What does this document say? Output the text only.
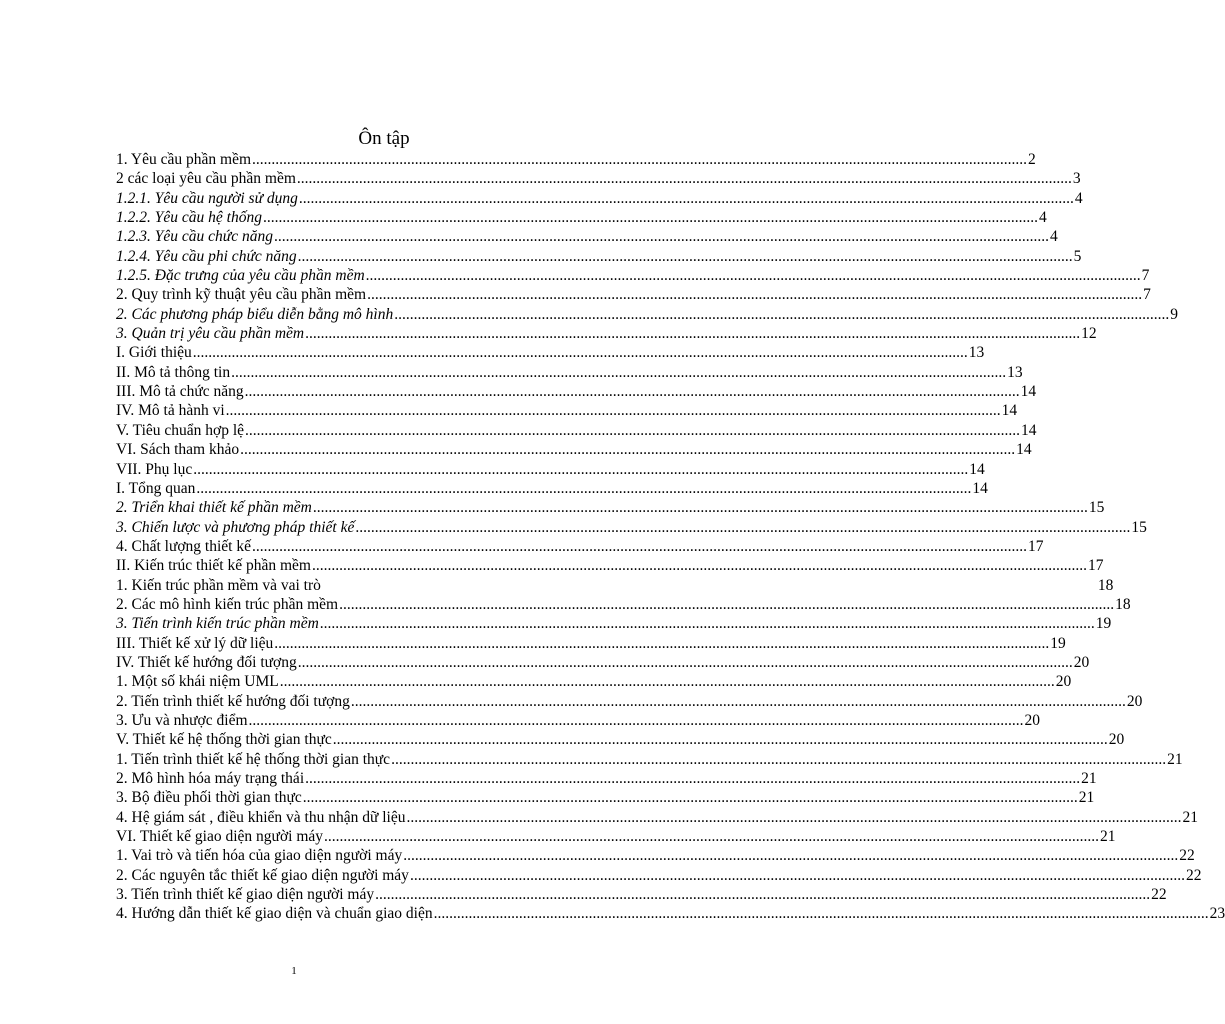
Ôn tập
1. Yêu cầu phần mềm ........................................................................................................................................................................................................ 2
2 các loại yêu cầu phần mềm ........................................................................................................................................................................................................ 3
1.2.1. Yêu cầu người sử dụng ........................................................................................................................................................................................................ 4
1.2.2. Yêu cầu hệ thống ........................................................................................................................................................................................................ 4
1.2.3. Yêu cầu chức năng ........................................................................................................................................................................................................ 4
1.2.4. Yêu cầu phi chức năng ........................................................................................................................................................................................................ 5
1.2.5. Đặc trưng của yêu cầu phần mềm ........................................................................................................................................................................................................ 7
2. Quy trình kỹ thuật yêu cầu phần mềm ........................................................................................................................................................................................................ 7
2. Các phương pháp biểu diễn bằng mô hình ........................................................................................................................................................................................................ 9
3. Quản trị yêu cầu phần mềm ........................................................................................................................................................................................................ 12
I. Giới thiệu ........................................................................................................................................................................................................ 13
II. Mô tả thông tin ........................................................................................................................................................................................................ 13
III. Mô tả chức năng ........................................................................................................................................................................................................ 14
IV. Mô tả hành vi ........................................................................................................................................................................................................ 14
V. Tiêu chuẩn hợp lệ ........................................................................................................................................................................................................ 14
VI. Sách tham khảo ........................................................................................................................................................................................................ 14
VII. Phụ lục ........................................................................................................................................................................................................ 14
I. Tổng quan ........................................................................................................................................................................................................ 14
2. Triển khai thiết kế phần mềm ........................................................................................................................................................................................................ 15
3. Chiến lược và phương pháp thiết kế ........................................................................................................................................................................................................ 15
4. Chất lượng thiết kế ........................................................................................................................................................................................................ 17
II. Kiến trúc thiết kế phần mềm ........................................................................................................................................................................................................ 17
1. Kiến trúc phần mềm và vai trò	18
2. Các mô hình kiến trúc phần mềm ........................................................................................................................................................................................................ 18
3. Tiến trình kiến trúc phần mềm ........................................................................................................................................................................................................ 19
III. Thiết kế xử lý dữ liệu ........................................................................................................................................................................................................ 19
IV. Thiết kế hướng đối tượng ........................................................................................................................................................................................................ 20
1. Một số khái niệm UML ........................................................................................................................................................................................................ 20
2. Tiến trình thiết kế hướng đối tượng ........................................................................................................................................................................................................ 20
3. Ưu và nhược điểm ........................................................................................................................................................................................................ 20
V. Thiết kế hệ thống thời gian thực ........................................................................................................................................................................................................ 20
1. Tiến trình thiết kế hệ thống thời gian thực ........................................................................................................................................................................................................ 21
2. Mô hình hóa máy trạng thái ........................................................................................................................................................................................................ 21
3. Bộ điều phối thời gian thực ........................................................................................................................................................................................................ 21
4. Hệ giám sát , điều khiển và thu nhận dữ liệu ........................................................................................................................................................................................................ 21
VI. Thiết kế giao diện người máy ........................................................................................................................................................................................................ 21
1. Vai trò và tiến hóa của giao diện người máy ........................................................................................................................................................................................................ 22
2. Các nguyên tắc thiết kế giao diện người máy ........................................................................................................................................................................................................ 22
3. Tiến trình thiết kế giao diện người máy ........................................................................................................................................................................................................ 22
4. Hướng dẫn thiết kế giao diện và chuẩn giao diện ........................................................................................................................................................................................................ 23
1
